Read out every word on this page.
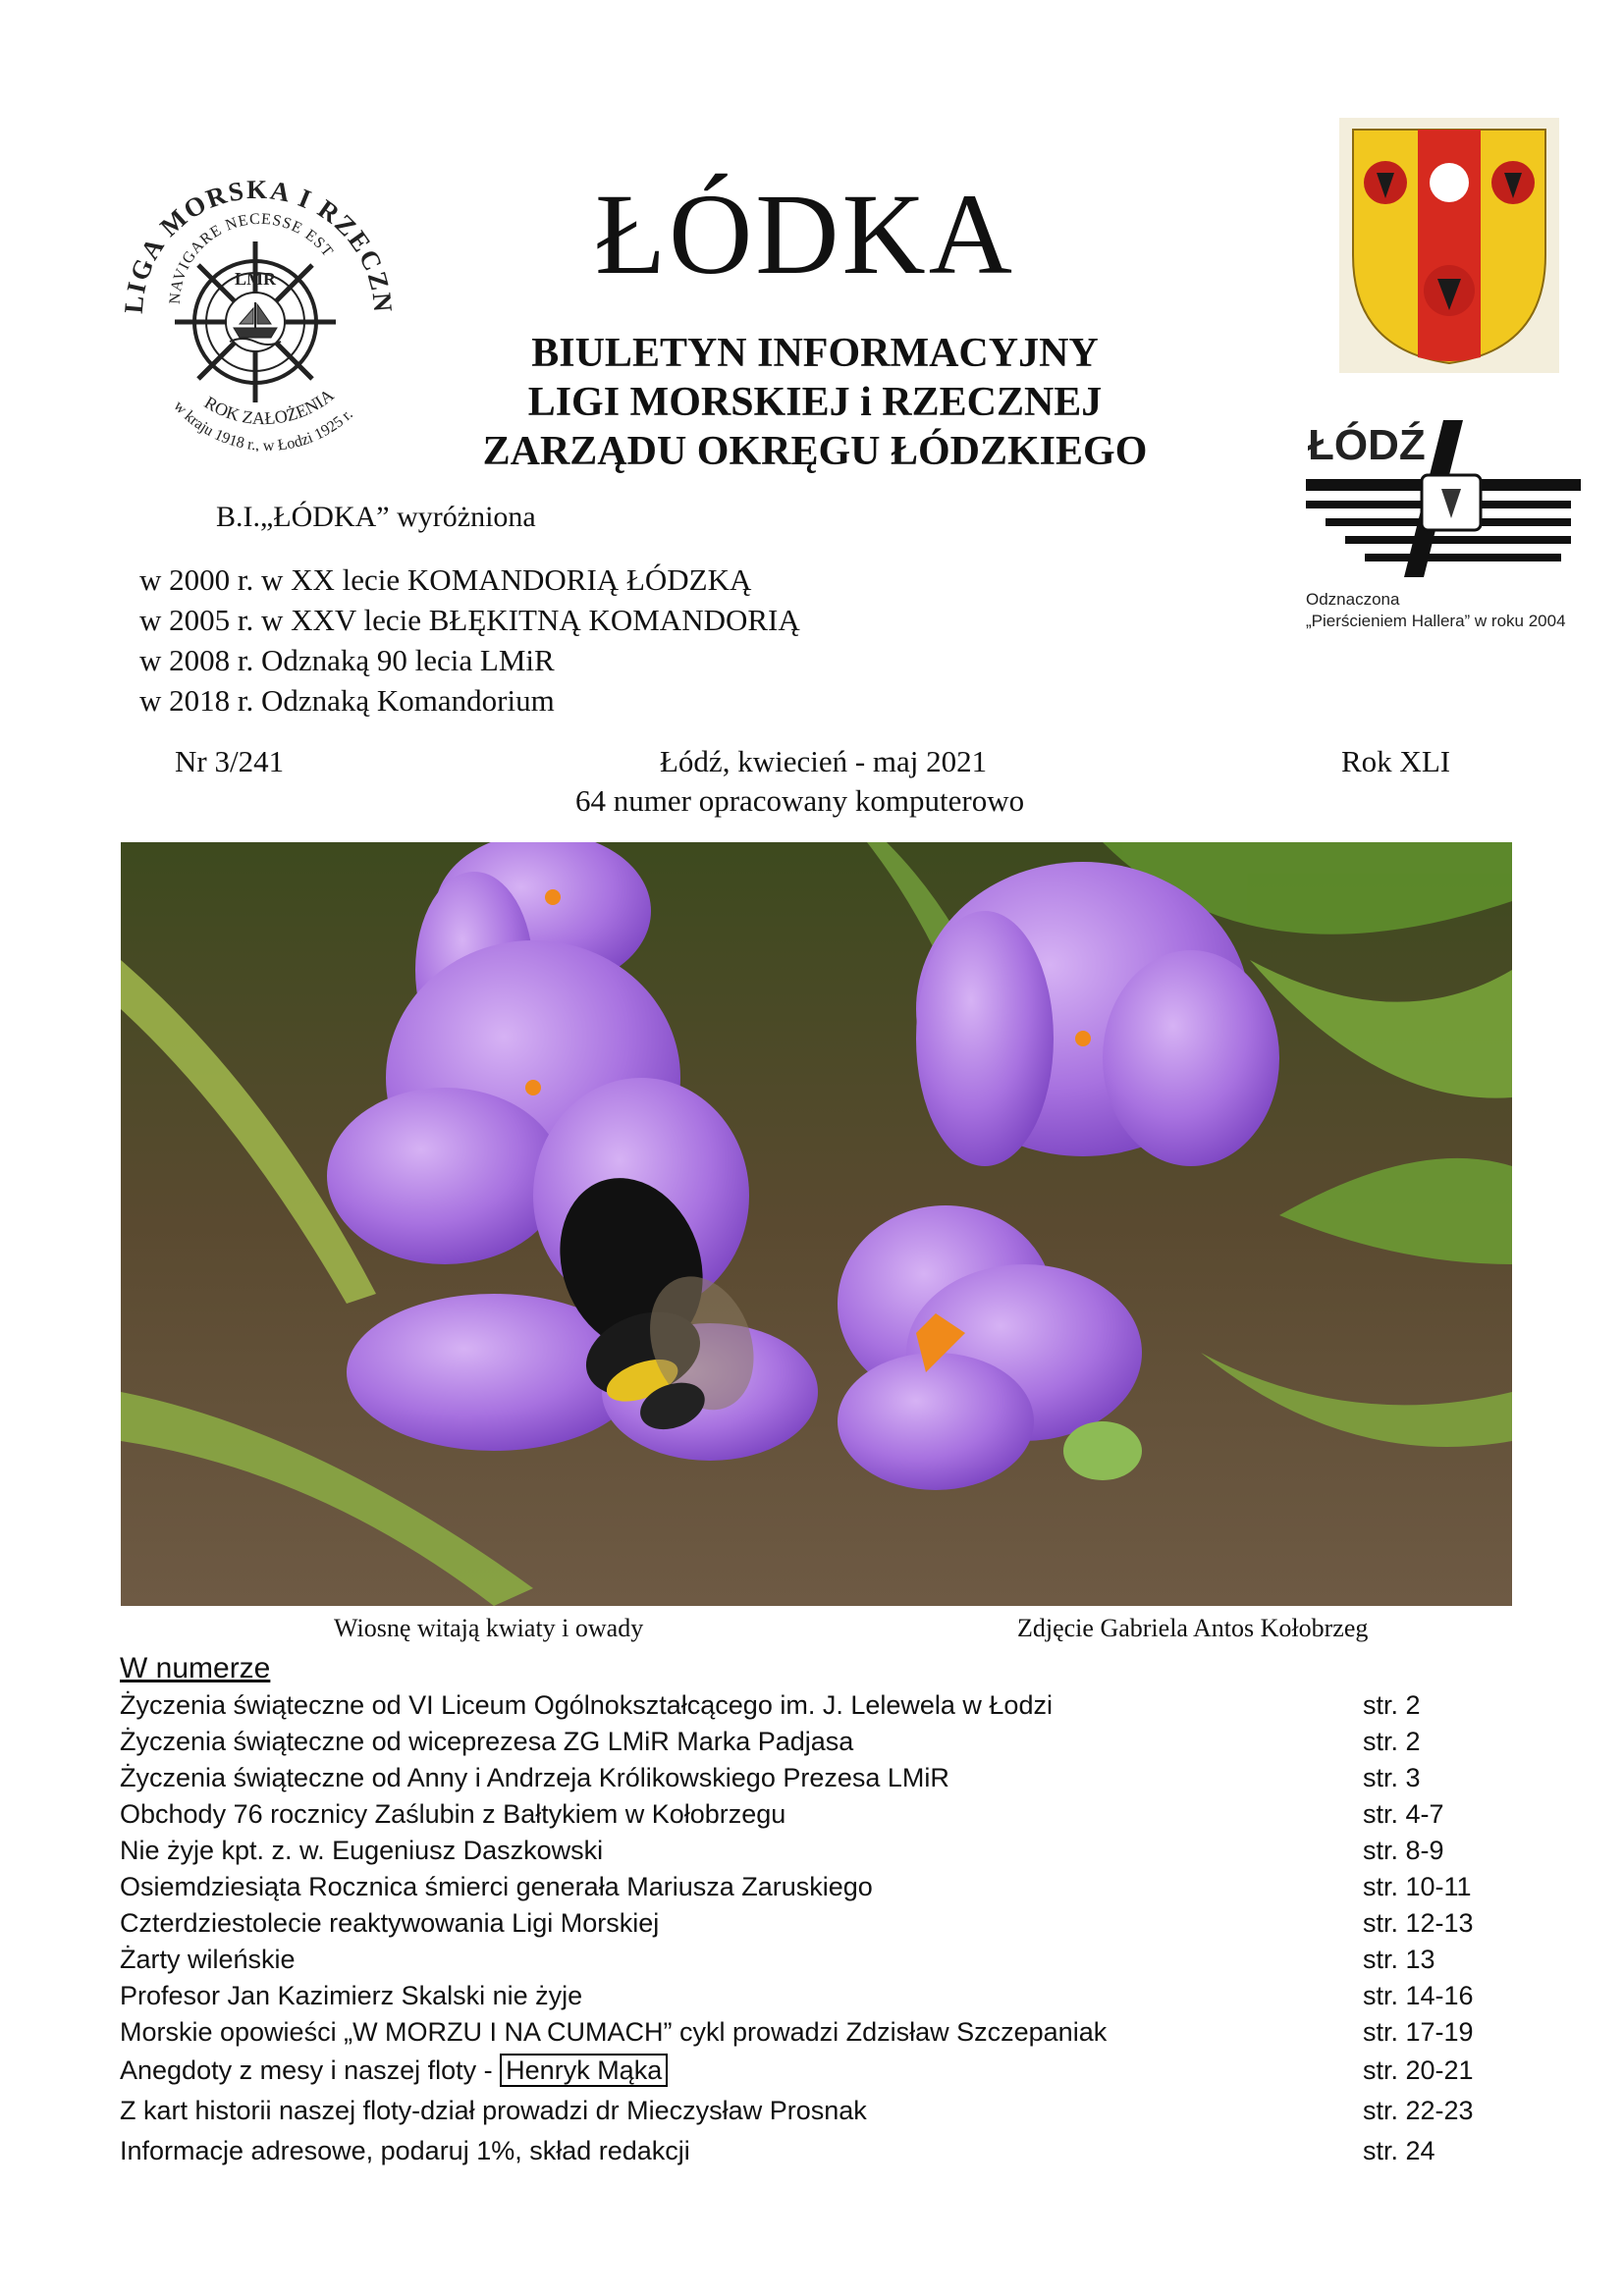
LIGA MORSKA I RZECZN
NAVIGARE NECESSE EST
LMR
ROK ZAŁOŻENIA
w kraju 1918 r., w Łodzi 1925 r.
ŁÓDKA
BIULETYN INFORMACYJNY
LIGI MORSKIEJ i RZECZNEJ
ZARZĄDU OKRĘGU ŁÓDZKIEGO	ŁÓDŹ
Odznaczona
„Pierścieniem Hallera” w roku 2004
B.I.„ŁÓDKA” wyróżniona
w 2000 r. w XX lecie KOMANDORIĄ ŁÓDZKĄ
w 2005 r. w XXV lecie BŁĘKITNĄ KOMANDORIĄ
w 2008 r. Odznaką 90 lecia LMiR
w 2018 r. Odznaką Komandorium
Nr 3/241	Łódź, kwiecień - maj 2021	Rok XLI
64 numer opracowany komputerowo
Wiosnę witają kwiaty i owady	Zdjęcie Gabriela Antos Kołobrzeg
W numerze
Życzenia świąteczne od VI Liceum Ogólnokształcącego im. J. Lelewela w Łodzi	str. 2
Życzenia świąteczne od wiceprezesa ZG LMiR Marka Padjasa	str. 2
Życzenia świąteczne od Anny i Andrzeja Królikowskiego Prezesa LMiR	str. 3
Obchody 76 rocznicy Zaślubin z Bałtykiem w Kołobrzegu	str. 4-7
Nie żyje kpt. z. w. Eugeniusz Daszkowski	str. 8-9
Osiemdziesiąta Rocznica śmierci generała Mariusza Zaruskiego	str. 10-11
Czterdziestolecie reaktywowania Ligi Morskiej	str. 12-13
Żarty wileńskie	str. 13
Profesor Jan Kazimierz Skalski nie żyje	str. 14-16
Morskie opowieści „W MORZU I NA CUMACH” cykl prowadzi Zdzisław Szczepaniak	str. 17-19
Anegdoty z mesy i naszej floty - Henryk Mąka	str. 20-21
Z kart historii naszej floty-dział prowadzi dr Mieczysław Prosnak	str. 22-23
Informacje adresowe, podaruj 1%, skład redakcji	str. 24
